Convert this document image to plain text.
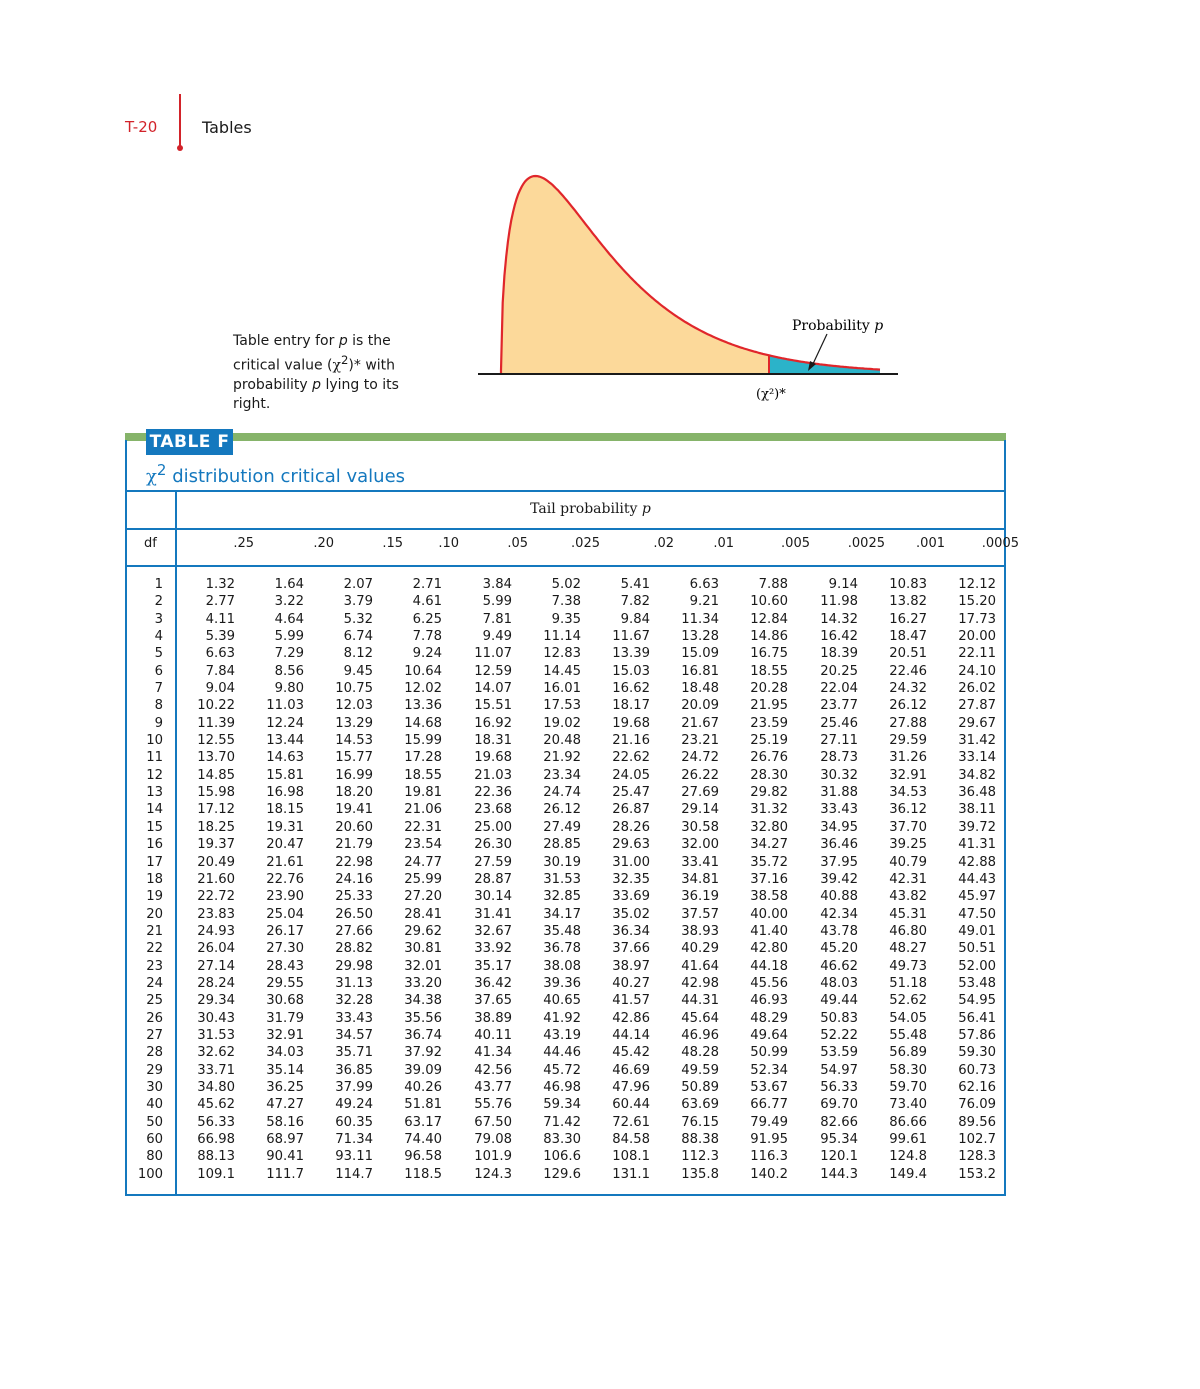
T-20	Tables
Table entry for p is the critical value $(\chi^2)*$ with probability p lying to its right.
Probability p
(χ²)*
TABLE F
$\chi^2$ distribution critical values
Tail probability p
df	.25	.20	.15	.10	.05	.025	.02	.01	.005	.0025	.001	.0005
1	1.32	1.64	2.07	2.71	3.84	5.02	5.41	6.63	7.88	9.14	10.83	12.12
2	2.77	3.22	3.79	4.61	5.99	7.38	7.82	9.21	10.60	11.98	13.82	15.20
3	4.11	4.64	5.32	6.25	7.81	9.35	9.84	11.34	12.84	14.32	16.27	17.73
4	5.39	5.99	6.74	7.78	9.49	11.14	11.67	13.28	14.86	16.42	18.47	20.00
5	6.63	7.29	8.12	9.24	11.07	12.83	13.39	15.09	16.75	18.39	20.51	22.11
6	7.84	8.56	9.45	10.64	12.59	14.45	15.03	16.81	18.55	20.25	22.46	24.10
7	9.04	9.80	10.75	12.02	14.07	16.01	16.62	18.48	20.28	22.04	24.32	26.02
8	10.22	11.03	12.03	13.36	15.51	17.53	18.17	20.09	21.95	23.77	26.12	27.87
9	11.39	12.24	13.29	14.68	16.92	19.02	19.68	21.67	23.59	25.46	27.88	29.67
10	12.55	13.44	14.53	15.99	18.31	20.48	21.16	23.21	25.19	27.11	29.59	31.42
11	13.70	14.63	15.77	17.28	19.68	21.92	22.62	24.72	26.76	28.73	31.26	33.14
12	14.85	15.81	16.99	18.55	21.03	23.34	24.05	26.22	28.30	30.32	32.91	34.82
13	15.98	16.98	18.20	19.81	22.36	24.74	25.47	27.69	29.82	31.88	34.53	36.48
14	17.12	18.15	19.41	21.06	23.68	26.12	26.87	29.14	31.32	33.43	36.12	38.11
15	18.25	19.31	20.60	22.31	25.00	27.49	28.26	30.58	32.80	34.95	37.70	39.72
16	19.37	20.47	21.79	23.54	26.30	28.85	29.63	32.00	34.27	36.46	39.25	41.31
17	20.49	21.61	22.98	24.77	27.59	30.19	31.00	33.41	35.72	37.95	40.79	42.88
18	21.60	22.76	24.16	25.99	28.87	31.53	32.35	34.81	37.16	39.42	42.31	44.43
19	22.72	23.90	25.33	27.20	30.14	32.85	33.69	36.19	38.58	40.88	43.82	45.97
20	23.83	25.04	26.50	28.41	31.41	34.17	35.02	37.57	40.00	42.34	45.31	47.50
21	24.93	26.17	27.66	29.62	32.67	35.48	36.34	38.93	41.40	43.78	46.80	49.01
22	26.04	27.30	28.82	30.81	33.92	36.78	37.66	40.29	42.80	45.20	48.27	50.51
23	27.14	28.43	29.98	32.01	35.17	38.08	38.97	41.64	44.18	46.62	49.73	52.00
24	28.24	29.55	31.13	33.20	36.42	39.36	40.27	42.98	45.56	48.03	51.18	53.48
25	29.34	30.68	32.28	34.38	37.65	40.65	41.57	44.31	46.93	49.44	52.62	54.95
26	30.43	31.79	33.43	35.56	38.89	41.92	42.86	45.64	48.29	50.83	54.05	56.41
27	31.53	32.91	34.57	36.74	40.11	43.19	44.14	46.96	49.64	52.22	55.48	57.86
28	32.62	34.03	35.71	37.92	41.34	44.46	45.42	48.28	50.99	53.59	56.89	59.30
29	33.71	35.14	36.85	39.09	42.56	45.72	46.69	49.59	52.34	54.97	58.30	60.73
30	34.80	36.25	37.99	40.26	43.77	46.98	47.96	50.89	53.67	56.33	59.70	62.16
40	45.62	47.27	49.24	51.81	55.76	59.34	60.44	63.69	66.77	69.70	73.40	76.09
50	56.33	58.16	60.35	63.17	67.50	71.42	72.61	76.15	79.49	82.66	86.66	89.56
60	66.98	68.97	71.34	74.40	79.08	83.30	84.58	88.38	91.95	95.34	99.61	102.7
80	88.13	90.41	93.11	96.58	101.9	106.6	108.1	112.3	116.3	120.1	124.8	128.3
100	109.1	111.7	114.7	118.5	124.3	129.6	131.1	135.8	140.2	144.3	149.4	153.2
